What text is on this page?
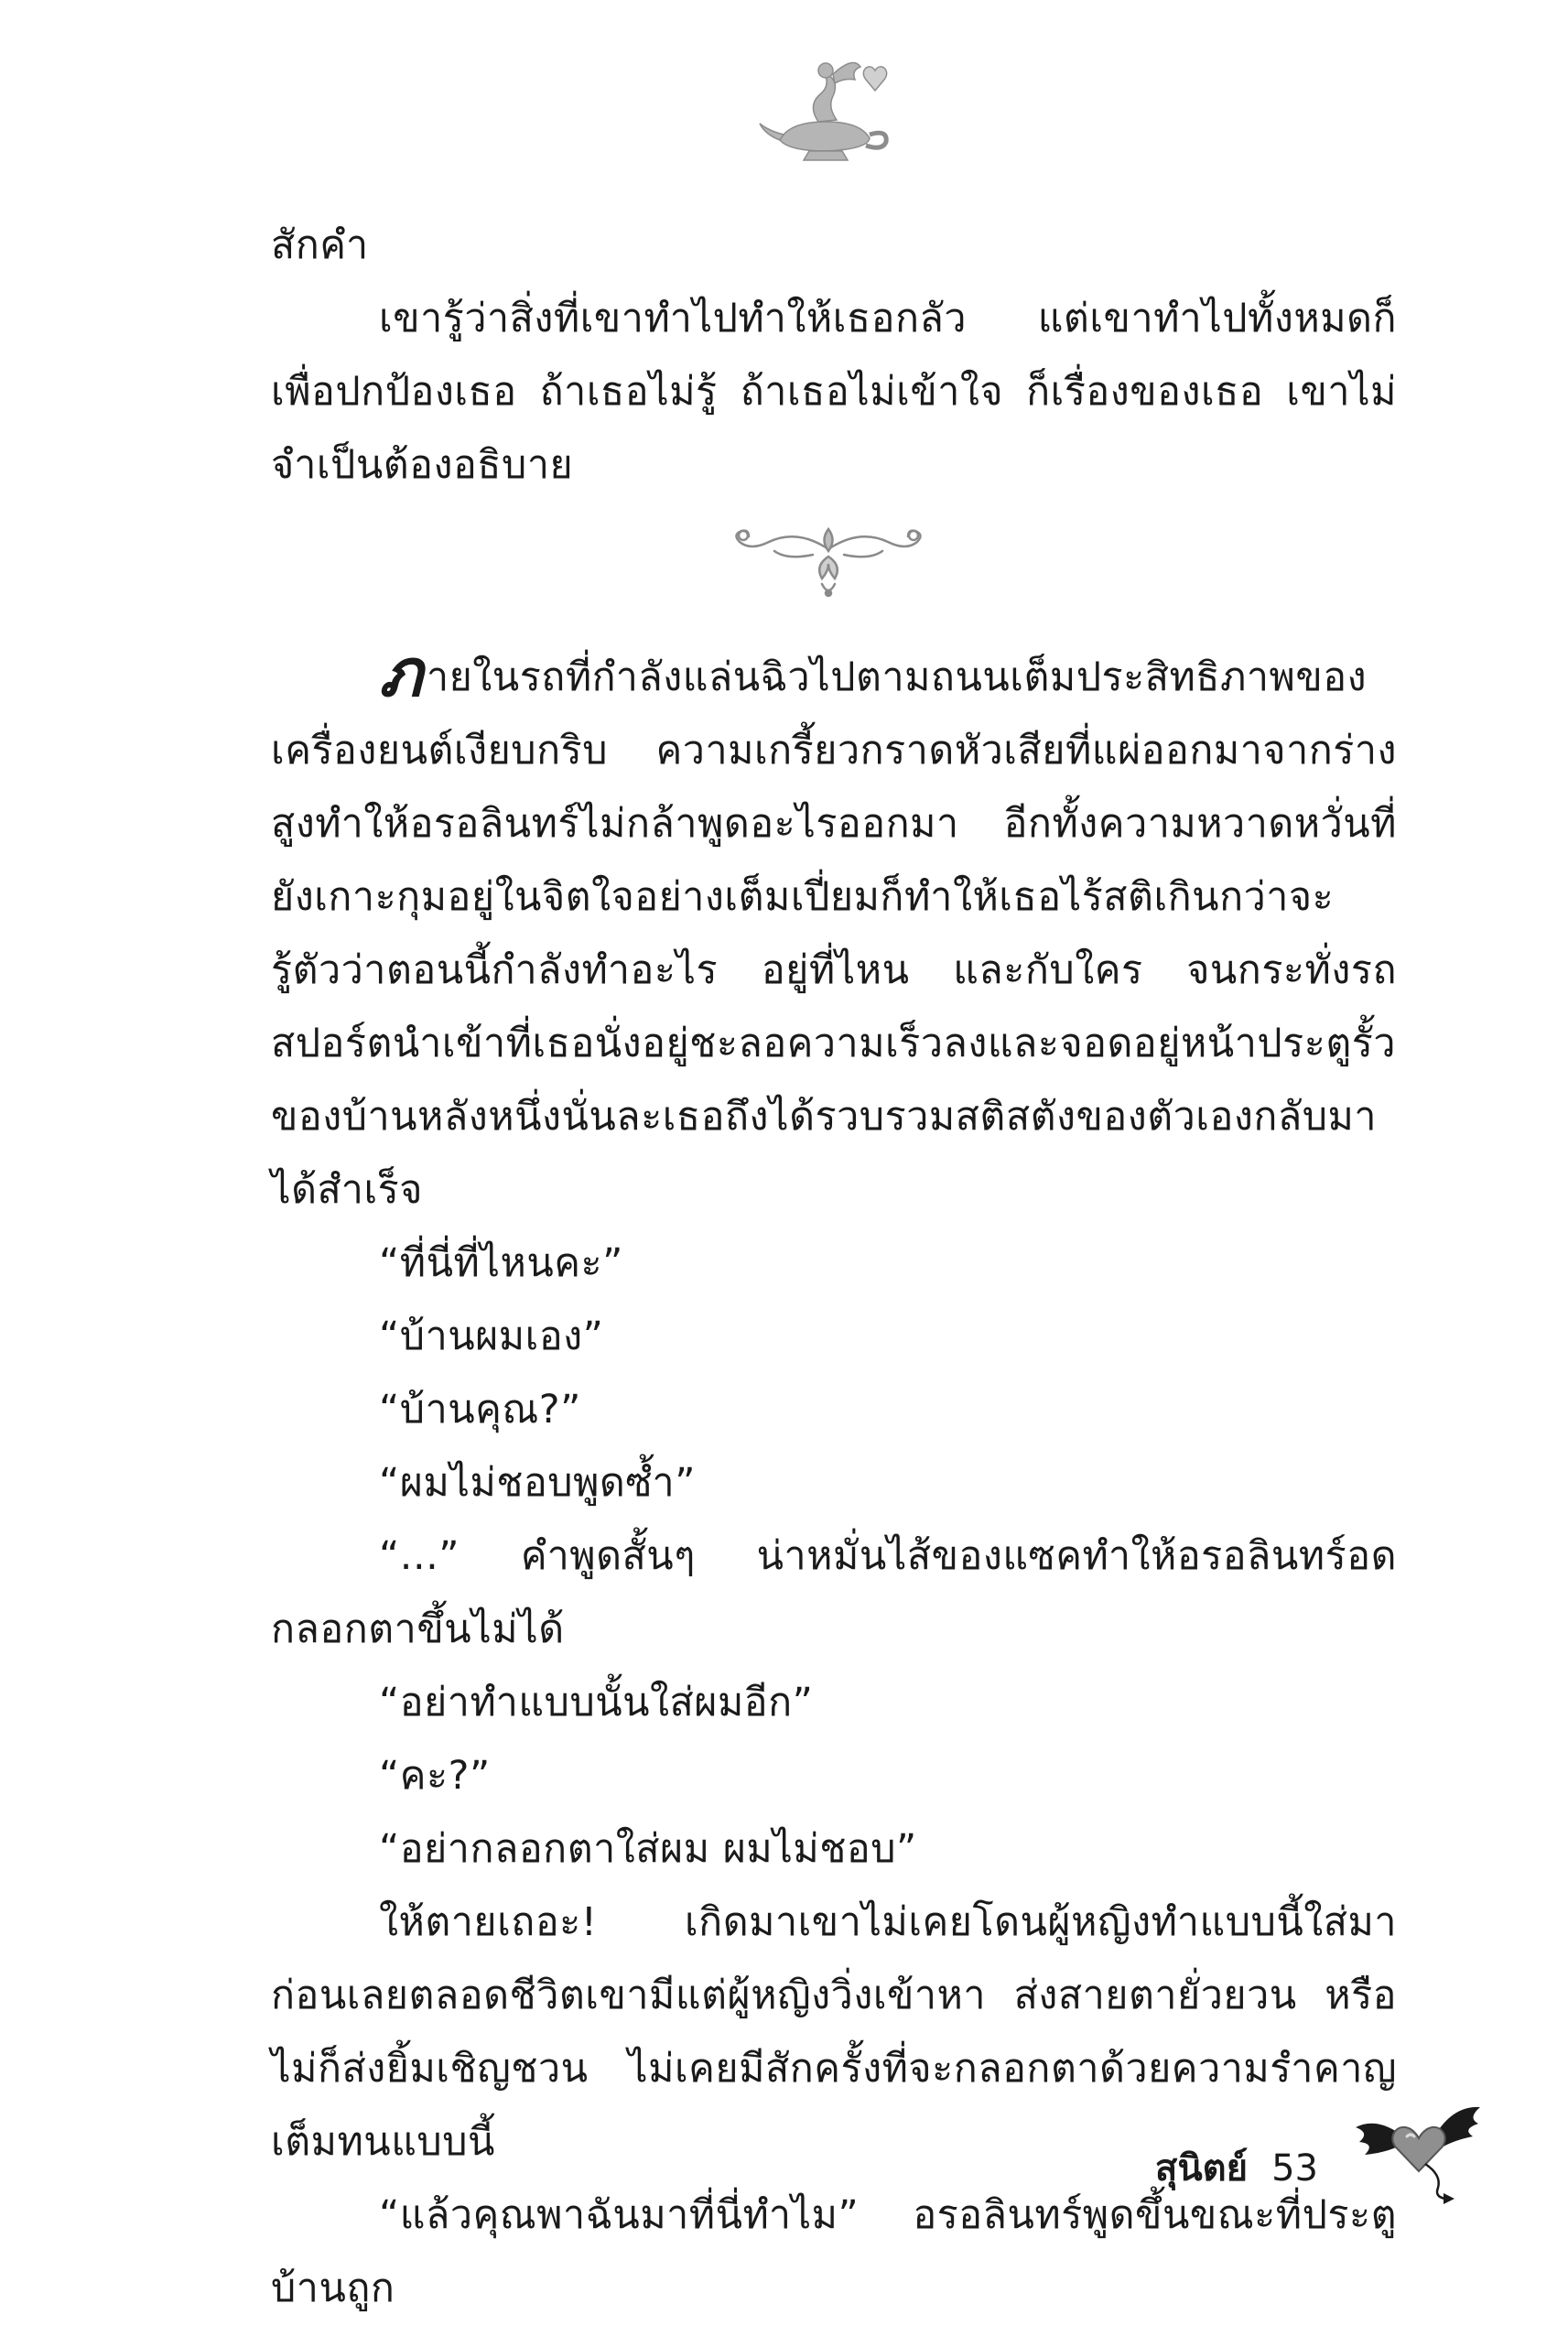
สักคำ

เขารู้ว่าสิ่งที่เขาทำไปทำให้เธอกลัว แต่เขาทำไปทั้งหมดก็เพื่อปกป้องเธอ ถ้าเธอไม่รู้ ถ้าเธอไม่เข้าใจ ก็เรื่องของเธอ เขาไม่จำเป็นต้องอธิบาย

ภายในรถที่กำลังแล่นฉิวไปตามถนนเต็มประสิทธิภาพของเครื่องยนต์เงียบกริบ ความเกรี้ยวกราดหัวเสียที่แผ่ออกมาจากร่างสูงทำให้อรอลินทร์ไม่กล้าพูดอะไรออกมา อีกทั้งความหวาดหวั่นที่ยังเกาะกุมอยู่ในจิตใจอย่างเต็มเปี่ยมก็ทำให้เธอไร้สติเกินกว่าจะรู้ตัวว่าตอนนี้กำลังทำอะไร อยู่ที่ไหน และกับใคร จนกระทั่งรถสปอร์ตนำเข้าที่เธอนั่งอยู่ชะลอความเร็วลงและจอดอยู่หน้าประตูรั้วของบ้านหลังหนึ่งนั่นละเธอถึงได้รวบรวมสติสตังของตัวเองกลับมาได้สำเร็จ

“ที่นี่ที่ไหนคะ”

“บ้านผมเอง”

“บ้านคุณ?”

“ผมไม่ชอบพูดซ้ำ”

“...” คำพูดสั้นๆ น่าหมั่นไส้ของแซคทำให้อรอลินทร์อดกลอกตาขึ้นไม่ได้

“อย่าทำแบบนั้นใส่ผมอีก”

“คะ?”

“อย่ากลอกตาใส่ผม ผมไม่ชอบ”

ให้ตายเถอะ! เกิดมาเขาไม่เคยโดนผู้หญิงทำแบบนี้ใส่มาก่อนเลยตลอดชีวิตเขามีแต่ผู้หญิงวิ่งเข้าหา ส่งสายตายั่วยวน หรือไม่ก็ส่งยิ้มเชิญชวน ไม่เคยมีสักครั้งที่จะกลอกตาด้วยความรำคาญเต็มทนแบบนี้

“แล้วคุณพาฉันมาที่นี่ทำไม” อรอลินทร์พูดขึ้นขณะที่ประตูบ้านถูก

สุนิตย์ 53
